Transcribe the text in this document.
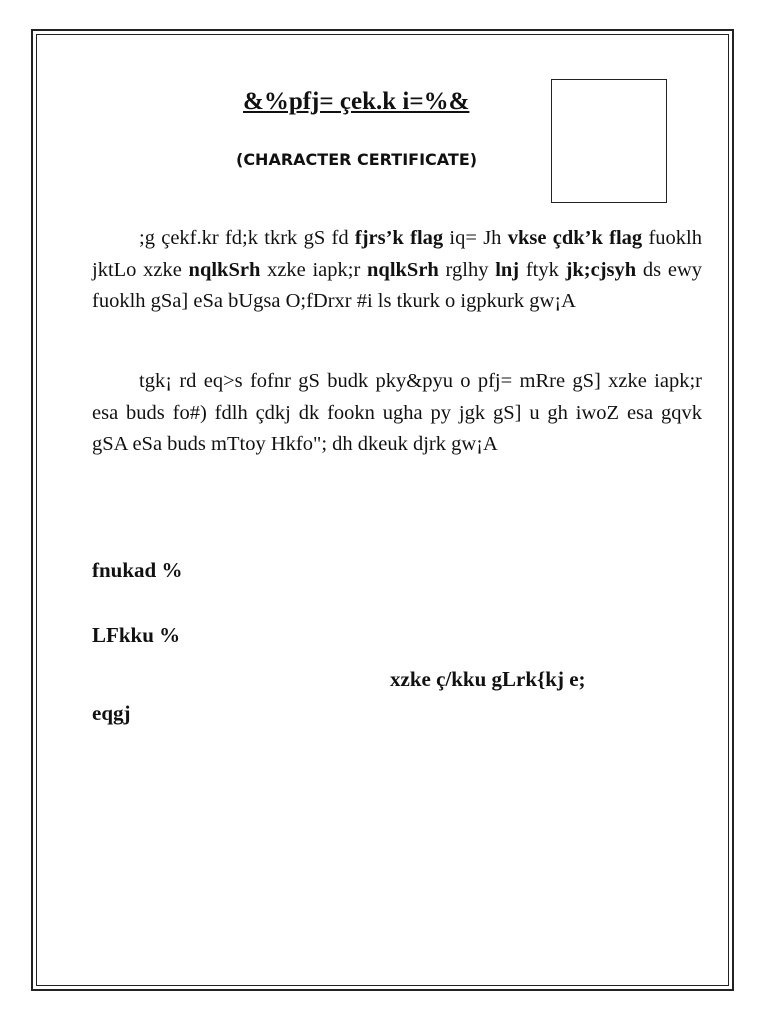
&%pfj= çek.k i=%&
(CHARACTER CERTIFICATE)

;g çekf.kr fd;k tkrk gS fd fjrs’k flag iq= Jh vkse çdk’k flag fuoklh jktLo xzke nqlkSrh xzke iapk;r nqlkSrh rglhy lnj ftyk jk;cjsyh ds ewy fuoklh gSa] eSa bUgsa O;fDrxr #i ls tkurk o igpkurk gw¡A

tgk¡ rd eq>s fofnr gS budk pky&pyu o pfj= mRre gS] xzke iapk;r esa buds fo#) fdlh çdkj dk fookn ugha py jgk gS] u gh iwoZ esa gqvk gSA eSa buds mTtoy Hkfo"; dh dkeuk djrk gw¡A

fnukad %
LFkku %
xzke ç/kku gLrk{kj e;
eqgj
